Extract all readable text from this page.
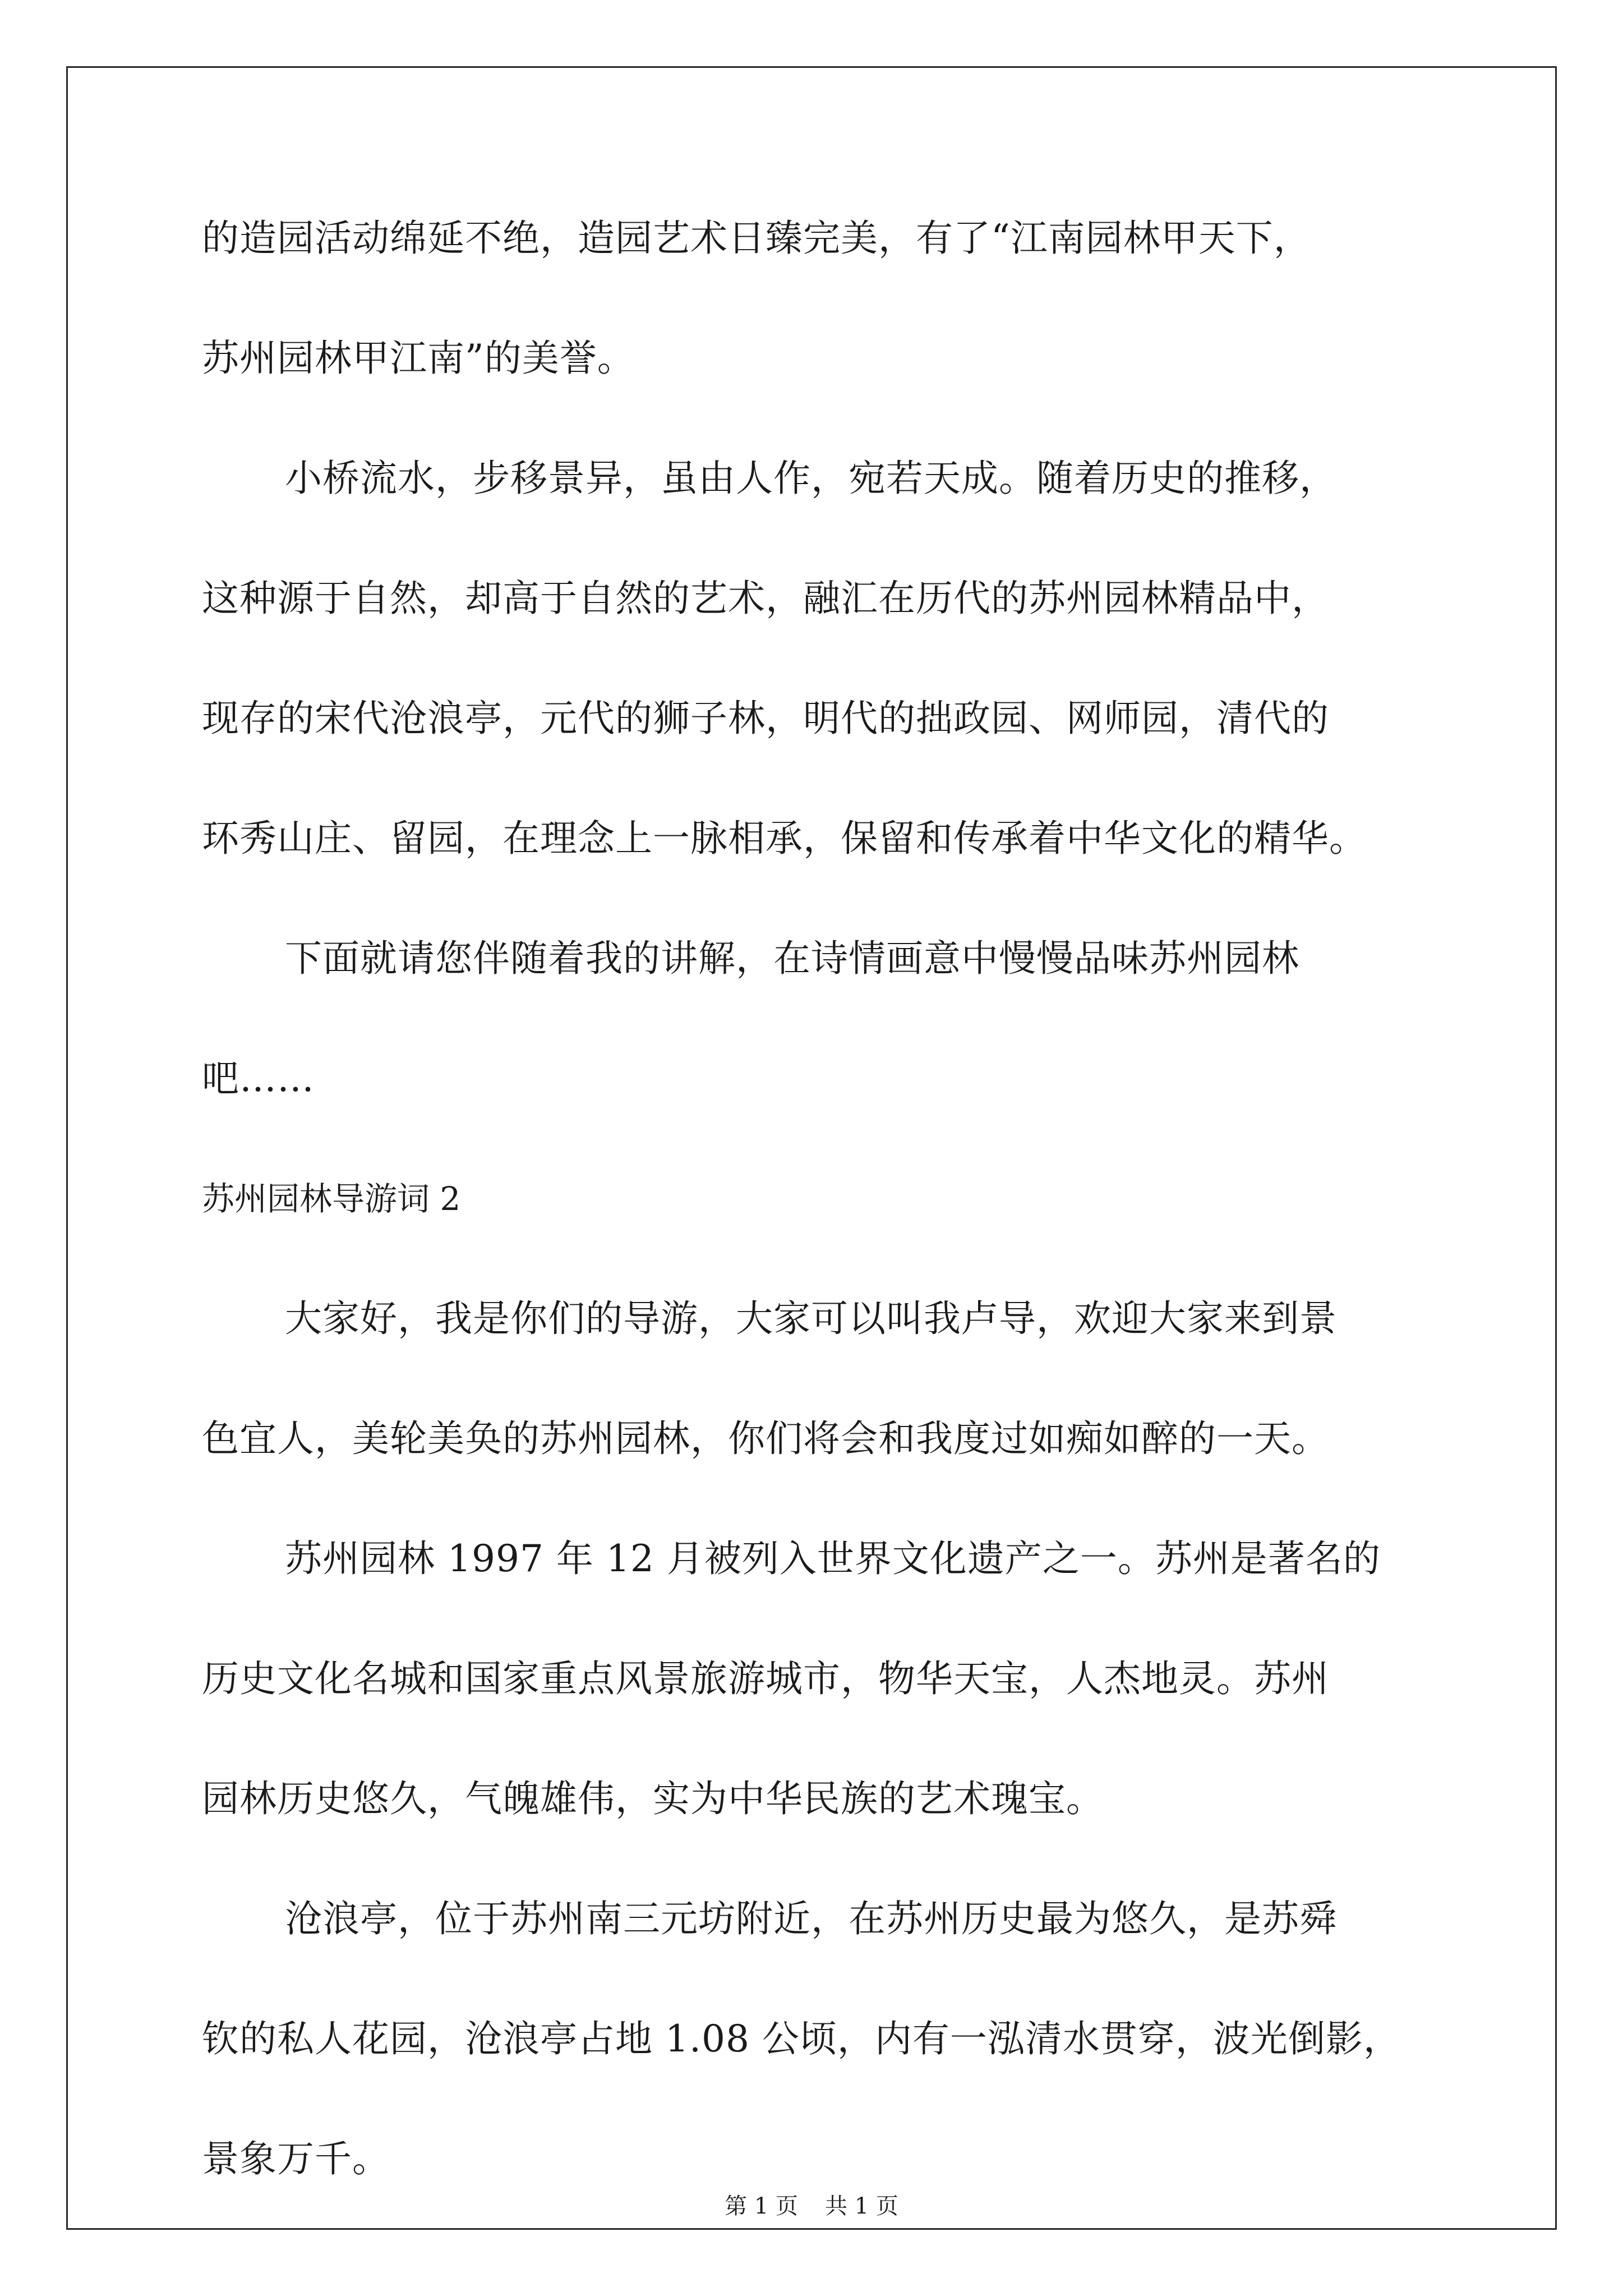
的造园活动绵延不绝，造园艺术日臻完美，有了“江南园林甲天下，
苏州园林甲江南”的美誉。
小桥流水，步移景异，虽由人作，宛若天成。随着历史的推移，
这种源于自然，却高于自然的艺术，融汇在历代的苏州园林精品中，
现存的宋代沧浪亭，元代的狮子林，明代的拙政园、网师园，清代的
环秀山庄、留园，在理念上一脉相承，保留和传承着中华文化的精华。
下面就请您伴随着我的讲解，在诗情画意中慢慢品味苏州园林
吧……
苏州园林导游词 2
大家好，我是你们的导游，大家可以叫我卢导，欢迎大家来到景
色宜人，美轮美奂的苏州园林，你们将会和我度过如痴如醉的一天。
苏州园林 1997 年 12 月被列入世界文化遗产之一。苏州是著名的
历史文化名城和国家重点风景旅游城市，物华天宝，人杰地灵。苏州
园林历史悠久，气魄雄伟，实为中华民族的艺术瑰宝。
沧浪亭，位于苏州南三元坊附近，在苏州历史最为悠久，是苏舜
钦的私人花园，沧浪亭占地 1.08 公顷，内有一泓清水贯穿，波光倒影，
景象万千。
第 1 页 共 1 页
